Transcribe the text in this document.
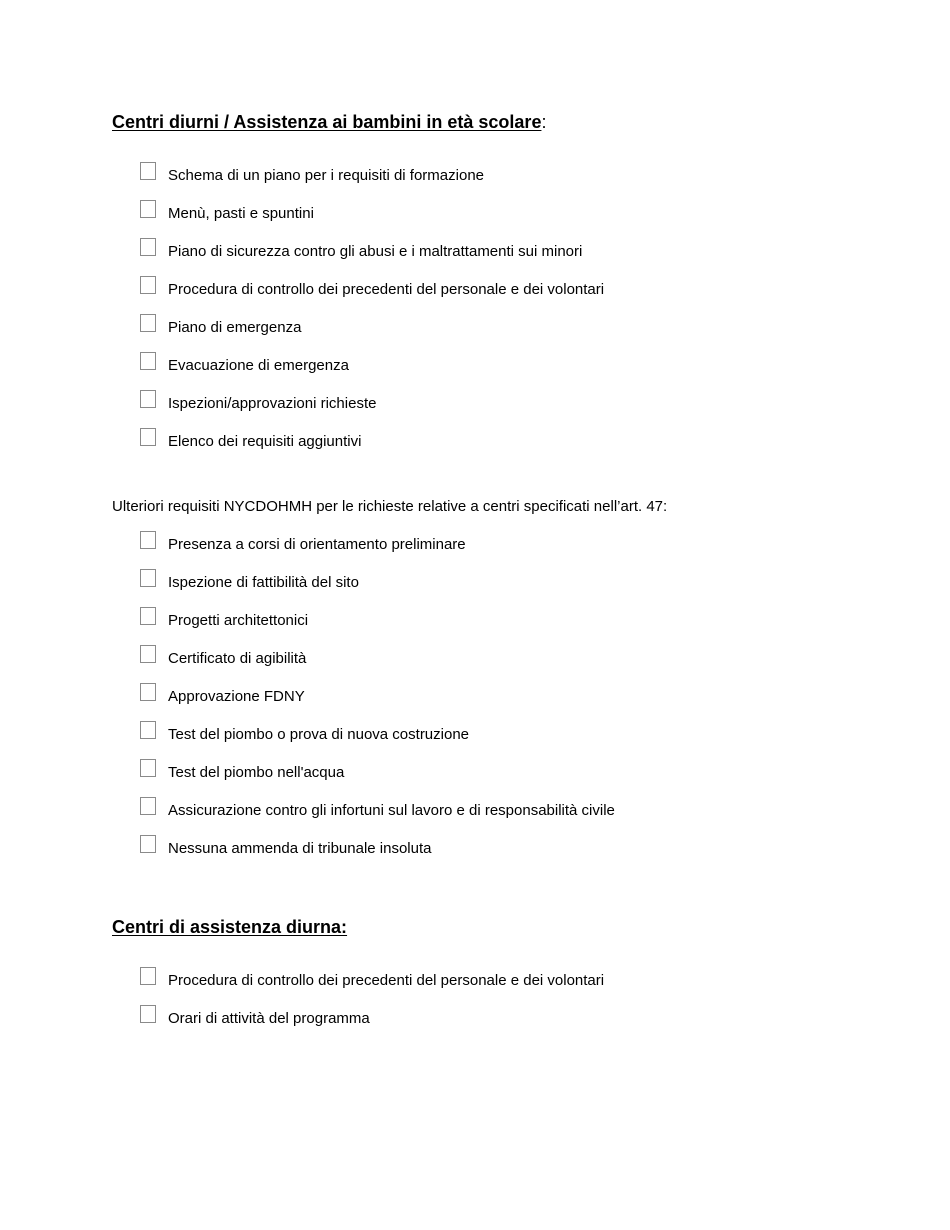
Centri diurni / Assistenza ai bambini in età scolare:
Schema di un piano per i requisiti di formazione
Menù, pasti e spuntini
Piano di sicurezza contro gli abusi e i maltrattamenti sui minori
Procedura di controllo dei precedenti del personale e dei volontari
Piano di emergenza
Evacuazione di emergenza
Ispezioni/approvazioni richieste
Elenco dei requisiti aggiuntivi

Ulteriori requisiti NYCDOHMH per le richieste relative a centri specificati nell’art. 47:

Presenza a corsi di orientamento preliminare
Ispezione di fattibilità del sito
Progetti architettonici
Certificato di agibilità
Approvazione FDNY
Test del piombo o prova di nuova costruzione
Test del piombo nell'acqua
Assicurazione contro gli infortuni sul lavoro e di responsabilità civile
Nessuna ammenda di tribunale insoluta
Centri di assistenza diurna:
Procedura di controllo dei precedenti del personale e dei volontari
Orari di attività del programma
